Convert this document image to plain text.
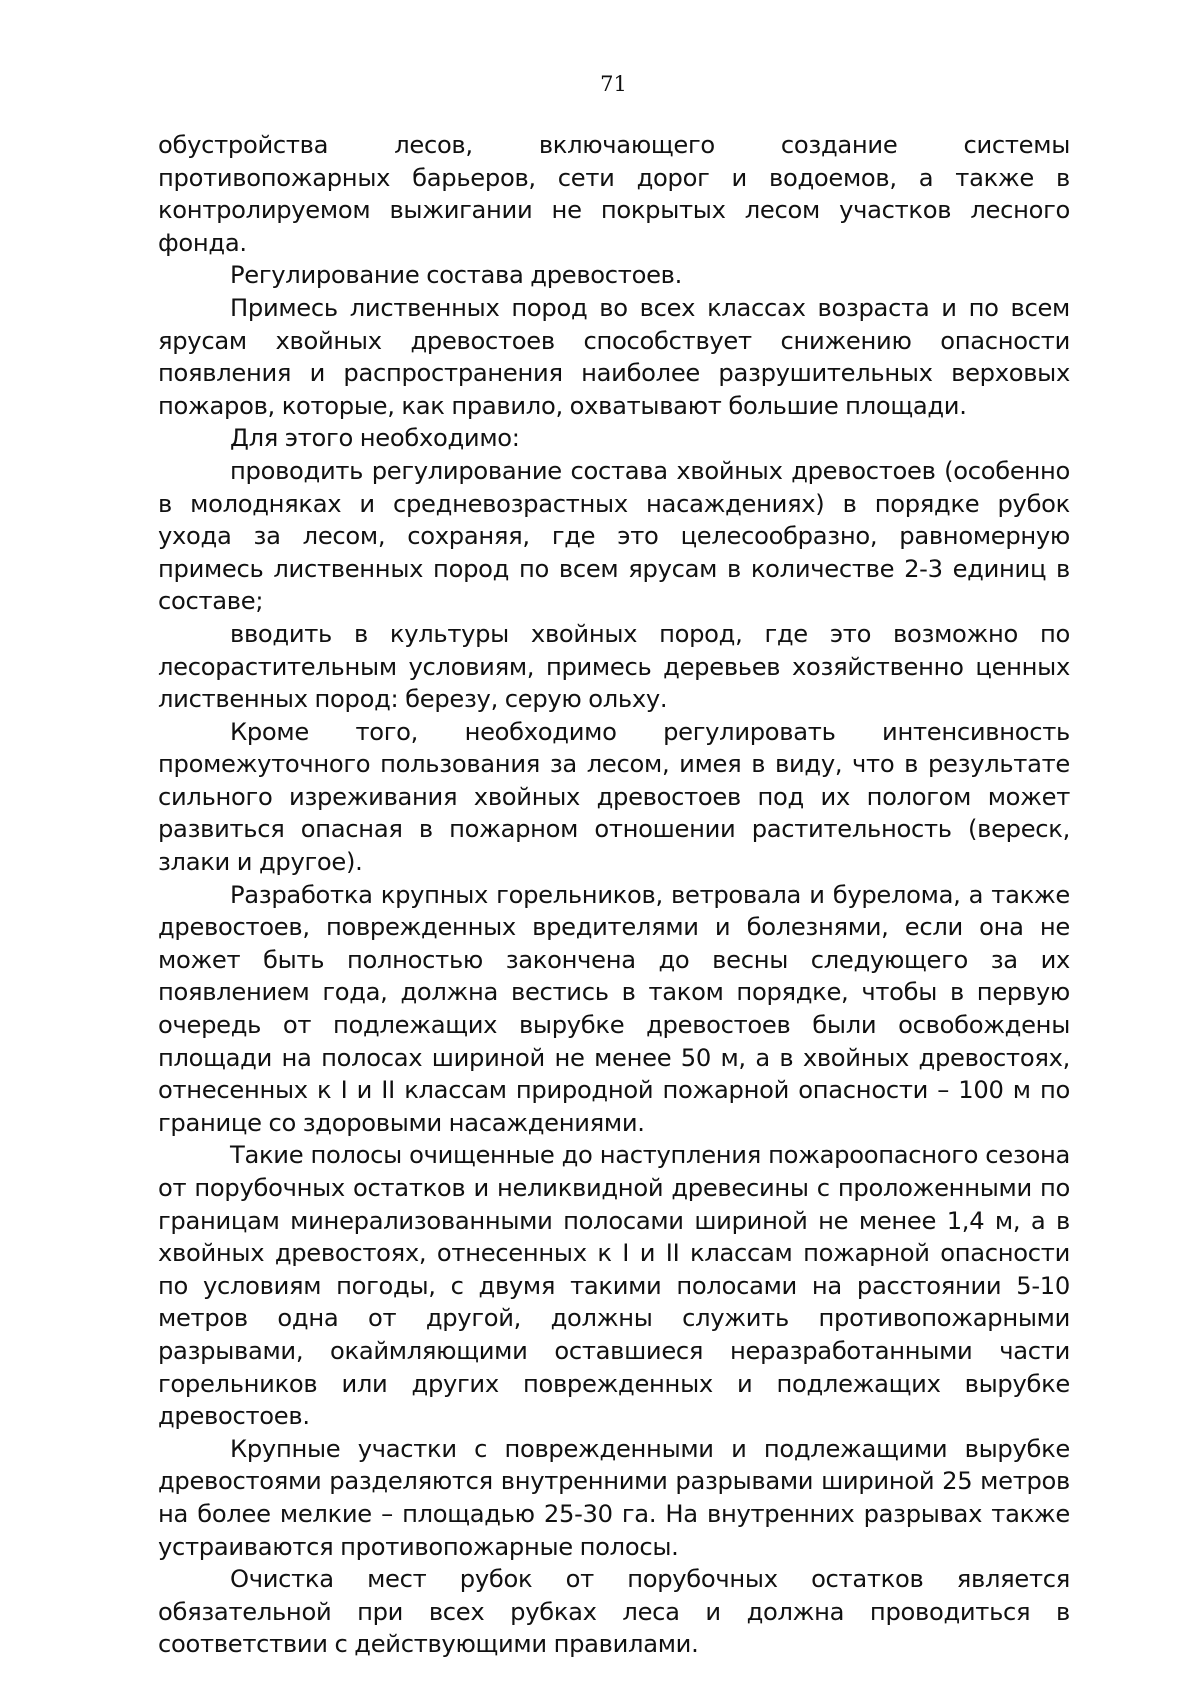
71

обустройства лесов, включающего создание системы противопожарных барьеров, сети дорог и водоемов, а также в контролируемом выжигании не покрытых лесом участков лесного фонда.

Регулирование состава древостоев.

Примесь лиственных пород во всех классах возраста и по всем ярусам хвойных древостоев способствует снижению опасности появления и распространения наиболее разрушительных верховых пожаров, которые, как правило, охватывают большие площади.

Для этого необходимо:

проводить регулирование состава хвойных древостоев (особенно в молодняках и средневозрастных насаждениях) в порядке рубок ухода за лесом, сохраняя, где это целесообразно, равномерную примесь лиственных пород по всем ярусам в количестве 2-3 единиц в составе;

вводить в культуры хвойных пород, где это возможно по лесорастительным условиям, примесь деревьев хозяйственно ценных лиственных пород: березу, серую ольху.

Кроме того, необходимо регулировать интенсивность промежуточного пользования за лесом, имея в виду, что в результате сильного изреживания хвойных древостоев под их пологом может развиться опасная в пожарном отношении растительность (вереск, злаки и другое).

Разработка крупных горельников, ветровала и бурелома, а также древостоев, поврежденных вредителями и болезнями, если она не может быть полностью закончена до весны следующего за их появлением года, должна вестись в таком порядке, чтобы в первую очередь от подлежащих вырубке древостоев были освобождены площади на полосах шириной не менее 50 м, а в хвойных древостоях, отнесенных к I и II классам природной пожарной опасности – 100 м по границе со здоровыми насаждениями.

Такие полосы очищенные до наступления пожароопасного сезона от порубочных остатков и неликвидной древесины с проложенными по границам минерализованными полосами шириной не менее 1,4 м, а в хвойных древостоях, отнесенных к I и II классам пожарной опасности по условиям погоды, с двумя такими полосами на расстоянии 5-10 метров одна от другой, должны служить противопожарными разрывами, окаймляющими оставшиеся неразработанными части горельников или других поврежденных и подлежащих вырубке древостоев.

Крупные участки с поврежденными и подлежащими вырубке древостоями разделяются внутренними разрывами шириной 25 метров на более мелкие – площадью 25-30 га. На внутренних разрывах также устраиваются противопожарные полосы.

Очистка мест рубок от порубочных остатков является обязательной при всех рубках леса и должна проводиться в соответствии с действующими правилами.
